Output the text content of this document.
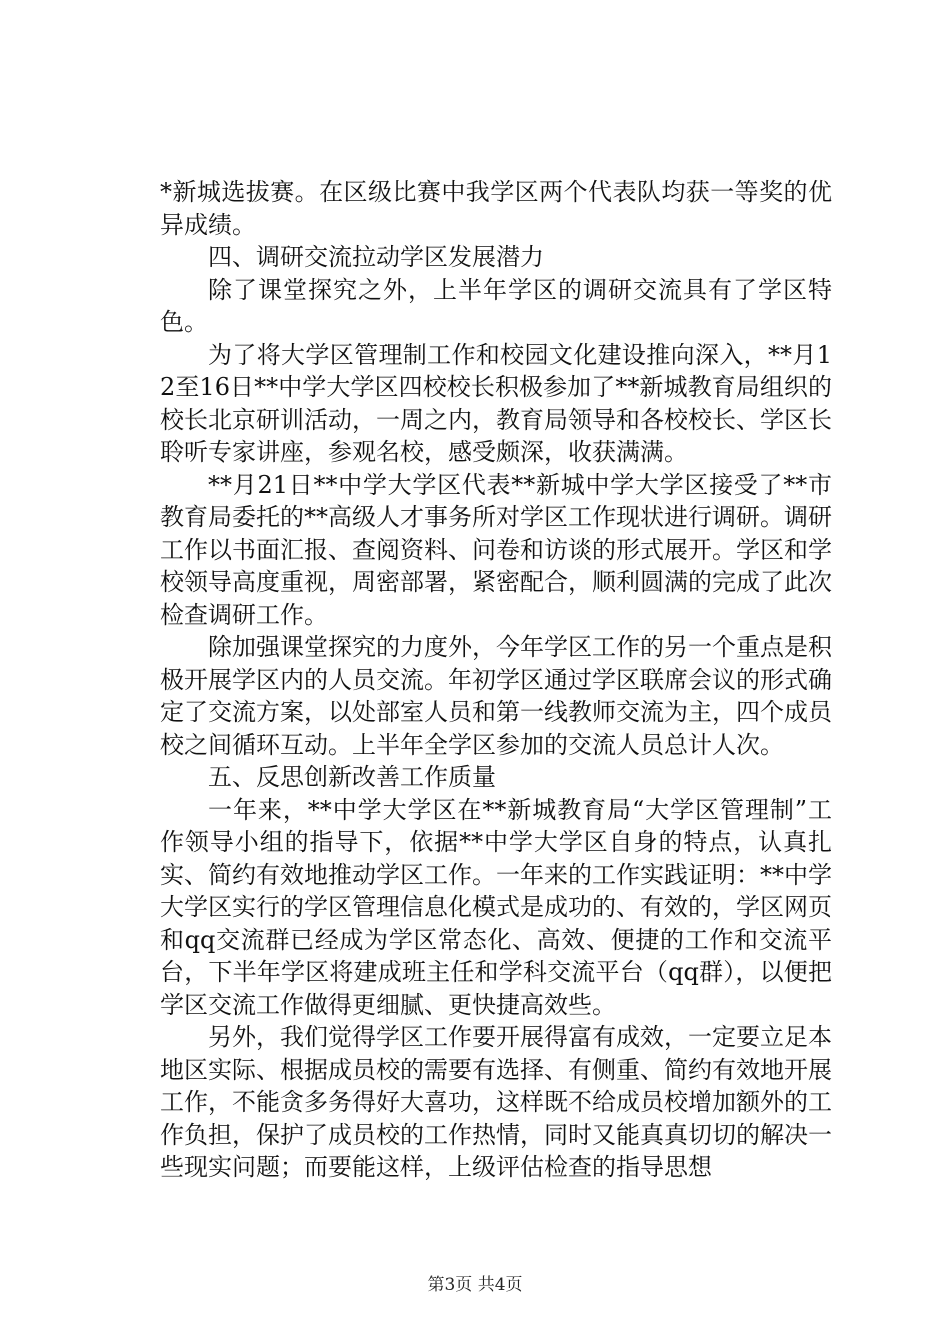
*新城选拔赛。在区级比赛中我学区两个代表队均获一等奖的优异成绩。

四、调研交流拉动学区发展潜力

除了课堂探究之外，上半年学区的调研交流具有了学区特色。

为了将大学区管理制工作和校园文化建设推向深入，**月12至16日**中学大学区四校校长积极参加了**新城教育局组织的校长北京研训活动，一周之内，教育局领导和各校校长、学区长聆听专家讲座，参观名校，感受颇深，收获满满。

**月21日**中学大学区代表**新城中学大学区接受了**市教育局委托的**高级人才事务所对学区工作现状进行调研。调研工作以书面汇报、查阅资料、问卷和访谈的形式展开。学区和学校领导高度重视，周密部署，紧密配合，顺利圆满的完成了此次检查调研工作。

除加强课堂探究的力度外，今年学区工作的另一个重点是积极开展学区内的人员交流。年初学区通过学区联席会议的形式确定了交流方案，以处部室人员和第一线教师交流为主，四个成员校之间循环互动。上半年全学区参加的交流人员总计人次。

五、反思创新改善工作质量

一年来，**中学大学区在**新城教育局“大学区管理制”工作领导小组的指导下，依据**中学大学区自身的特点，认真扎实、简约有效地推动学区工作。一年来的工作实践证明：**中学大学区实行的学区管理信息化模式是成功的、有效的，学区网页和qq交流群已经成为学区常态化、高效、便捷的工作和交流平台，下半年学区将建成班主任和学科交流平台（qq群），以便把学区交流工作做得更细腻、更快捷高效些。

另外，我们觉得学区工作要开展得富有成效，一定要立足本地区实际、根据成员校的需要有选择、有侧重、简约有效地开展工作，不能贪多务得好大喜功，这样既不给成员校增加额外的工作负担，保护了成员校的工作热情，同时又能真真切切的解决一些现实问题；而要能这样，上级评估检查的指导思想

第3页 共4页
